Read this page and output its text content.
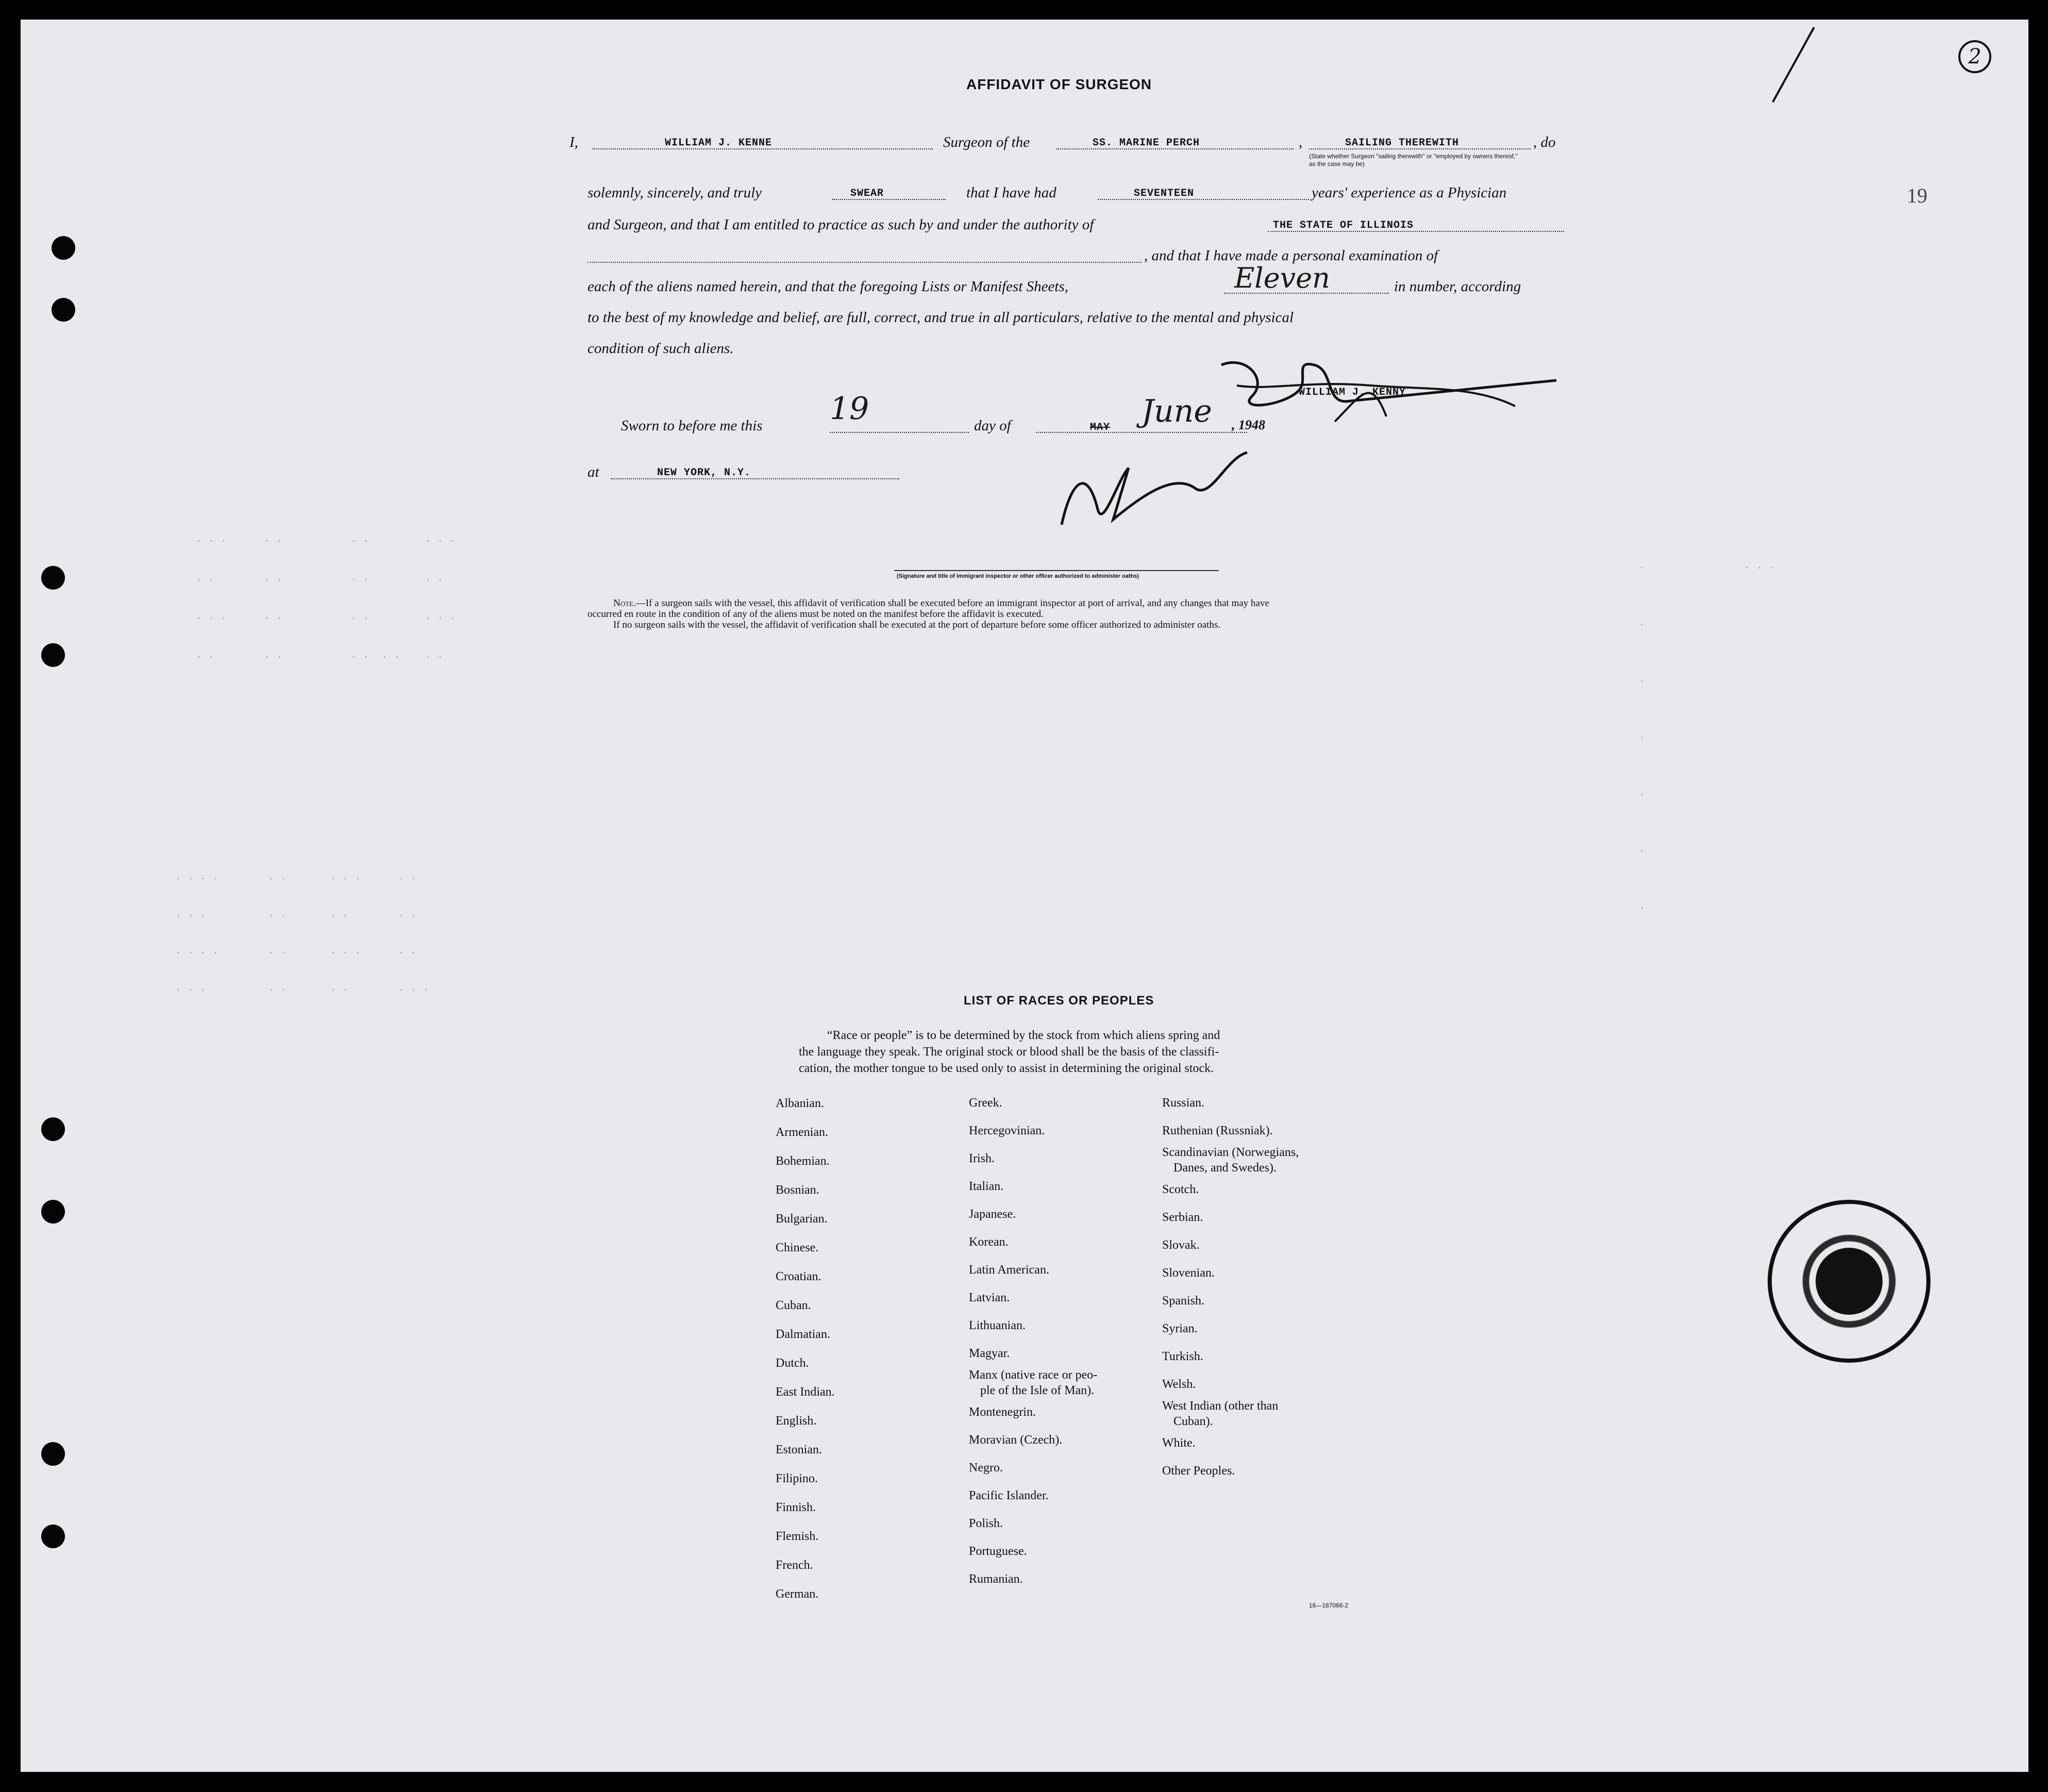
2
19
AFFIDAVIT OF SURGEON
I,	WILLIAM J. KENNE	Surgeon of the	SS. MARINE PERCH	,	SAILING THEREWITH	, do
(State whether Surgeon "sailing therewith" or "employed by owners thereof," as the case may be)
solemnly, sincerely, and truly	SWEAR	that I have had	SEVENTEEN	years' experience as a Physician
and Surgeon, and that I am entitled to practice as such by and under the authority of	THE STATE OF ILLINOIS
, and that I have made a personal examination of
each of the aliens named herein, and that the foregoing Lists or Manifest Sheets,	Eleven	in number, according
to the best of my knowledge and belief, are full, correct, and true in all particulars, relative to the mental and physical
condition of such aliens.
WILLIAM J. KENNY
Sworn to before me this 19	day of	MAY June , 1948
at	NEW YORK, N.Y.
(Signature and title of immigrant inspector or other officer authorized to administer oaths)
Note.—If a surgeon sails with the vessel, this affidavit of verification shall be executed before an immigrant inspector at port of arrival, and any changes that may have
occurred en route in the condition of any of the aliens must be noted on the manifest before the affidavit is executed.
If no surgeon sails with the vessel, the affidavit of verification shall be executed at the port of departure before some officer authorized to administer oaths.

· · ·      · ·           · ·         · · ·
· ·        · ·           · ·         · ·
· · ·      · ·           · ·         · · ·
· ·        · ·           · ·  · ·    · ·

· · · ·        · ·       · · ·      · ·
· · ·          · ·       · ·        · ·
· · · ·        · ·       · · ·      · ·
· · ·          · ·       · ·        · · ·

·                · · ·
·
·
·
·
·
·

LIST OF RACES OR PEOPLES
“Race or people” is to be determined by the stock from which aliens spring and
the language they speak. The original stock or blood shall be the basis of the classifi-
cation, the mother tongue to be used only to assist in determining the original stock.
Albanian.
Armenian.
Bohemian.
Bosnian.
Bulgarian.
Chinese.
Croatian.
Cuban.
Dalmatian.
Dutch.
East Indian.
English.
Estonian.
Filipino.
Finnish.
Flemish.
French.
German.
Greek.
Hercegovinian.
Irish.
Italian.
Japanese.
Korean.
Latin American.
Latvian.
Lithuanian.
Magyar.
Manx (native race or peo-
ple of the Isle of Man).
Montenegrin.
Moravian (Czech).
Negro.
Pacific Islander.
Polish.
Portuguese.
Rumanian.
Russian.
Ruthenian (Russniak).
Scandinavian (Norwegians,
Danes, and Swedes).
Scotch.
Serbian.
Slovak.
Slovenian.
Spanish.
Syrian.
Turkish.
Welsh.
West Indian (other than
Cuban).
White.
Other Peoples.
16—187066-2
